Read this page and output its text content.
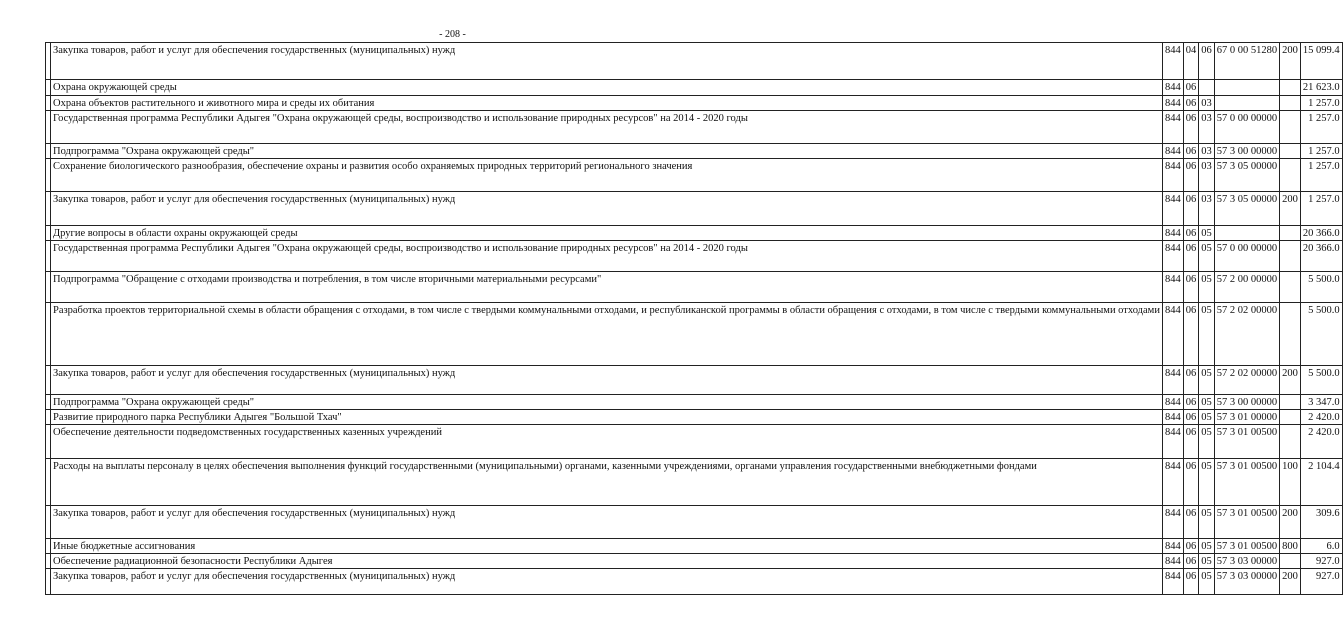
- 208 -
	Закупка товаров, работ и услуг для обеспечения государственных (муниципальных) нужд	844	04	06	67 0 00 51280	200	15 099.4
	Охрана окружающей среды	844	06				21 623.0
	Охрана объектов растительного и животного мира и среды их обитания	844	06	03			1 257.0
	Государственная программа Республики Адыгея "Охрана окружающей среды, воспроизводство и использование природных ресурсов" на 2014 - 2020 годы	844	06	03	57 0 00 00000		1 257.0
	Подпрограмма "Охрана окружающей среды"	844	06	03	57 3 00 00000		1 257.0
	Сохранение биологического разнообразия, обеспечение охраны и развития особо охраняемых природных территорий регионального значения	844	06	03	57 3 05 00000		1 257.0
	Закупка товаров, работ и услуг для обеспечения государственных (муниципальных) нужд	844	06	03	57 3 05 00000	200	1 257.0
	Другие вопросы в области охраны окружающей среды	844	06	05			20 366.0
	Государственная программа Республики Адыгея "Охрана окружающей среды, воспроизводство и использование природных ресурсов" на 2014 - 2020 годы	844	06	05	57 0 00 00000		20 366.0
	Подпрограмма "Обращение с отходами производства и потребления, в том числе вторичными материальными ресурсами"	844	06	05	57 2 00 00000		5 500.0
	Разработка проектов территориальной схемы в области обращения с отходами, в том числе с твердыми коммунальными отходами, и республиканской программы в области обращения с отходами, в том числе с твердыми коммунальными отходами	844	06	05	57 2 02 00000		5 500.0
	Закупка товаров, работ и услуг для обеспечения государственных (муниципальных) нужд	844	06	05	57 2 02 00000	200	5 500.0
	Подпрограмма "Охрана окружающей среды"	844	06	05	57 3 00 00000		3 347.0
	Развитие природного парка Республики Адыгея "Большой Тхач"	844	06	05	57 3 01 00000		2 420.0
	Обеспечение деятельности подведомственных государственных казенных учреждений	844	06	05	57 3 01 00500		2 420.0
	Расходы на выплаты персоналу в целях обеспечения выполнения функций государственными (муниципальными) органами, казенными учреждениями, органами управления государственными внебюджетными фондами	844	06	05	57 3 01 00500	100	2 104.4
	Закупка товаров, работ и услуг для обеспечения государственных (муниципальных) нужд	844	06	05	57 3 01 00500	200	309.6
	Иные бюджетные ассигнования	844	06	05	57 3 01 00500	800	6.0
	Обеспечение радиационной безопасности Республики Адыгея	844	06	05	57 3 03 00000		927.0
	Закупка товаров, работ и услуг для обеспечения государственных (муниципальных) нужд	844	06	05	57 3 03 00000	200	927.0
